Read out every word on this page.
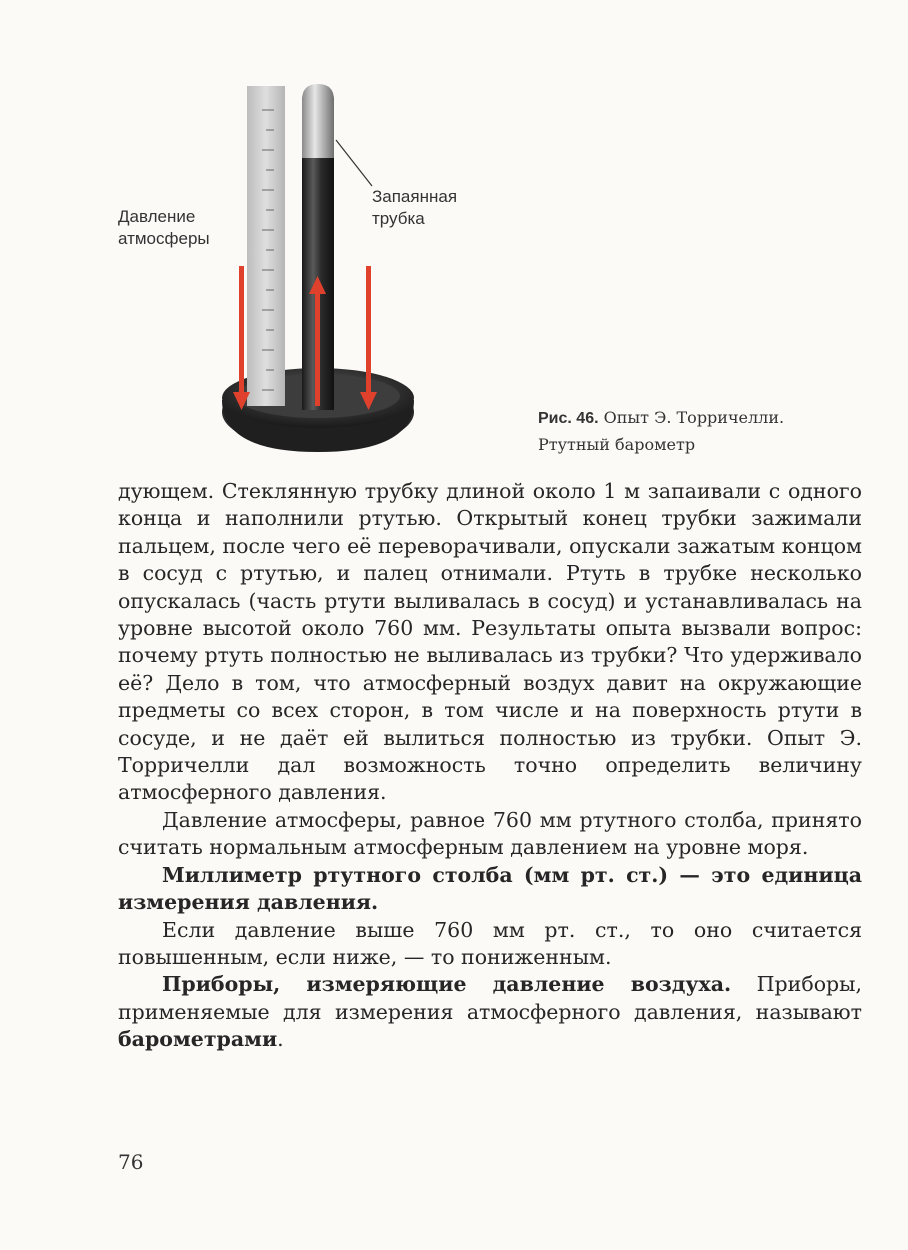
Давление
атмосферы
Запаянная
трубка
Рис. 46. Опыт Э. Торричелли.
Ртутный барометр

дующем. Стеклянную трубку длиной около 1 м запаивали с одного конца и наполнили ртутью. Открытый конец трубки зажимали пальцем, после чего её переворачивали, опускали зажатым концом в сосуд с ртутью, и палец отнимали. Ртуть в трубке несколько опускалась (часть ртути выливалась в сосуд) и устанавливалась на уровне высотой около 760 мм. Результаты опыта вызвали вопрос: почему ртуть полностью не выливалась из трубки? Что удерживало её? Дело в том, что атмосферный воздух давит на окружающие предметы со всех сторон, в том числе и на поверхность ртути в сосуде, и не даёт ей вылиться полностью из трубки. Опыт Э. Торричелли дал возможность точно определить величину атмосферного давления.

Давление атмосферы, равное 760 мм ртутного столба, принято считать нормальным атмосферным давлением на уровне моря.

Миллиметр ртутного столба (мм рт. ст.) — это единица измерения давления.

Если давление выше 760 мм рт. ст., то оно считается повышенным, если ниже, — то пониженным.

Приборы, измеряющие давление воздуха. Приборы, применяемые для измерения атмосферного давления, называют барометрами.

76
